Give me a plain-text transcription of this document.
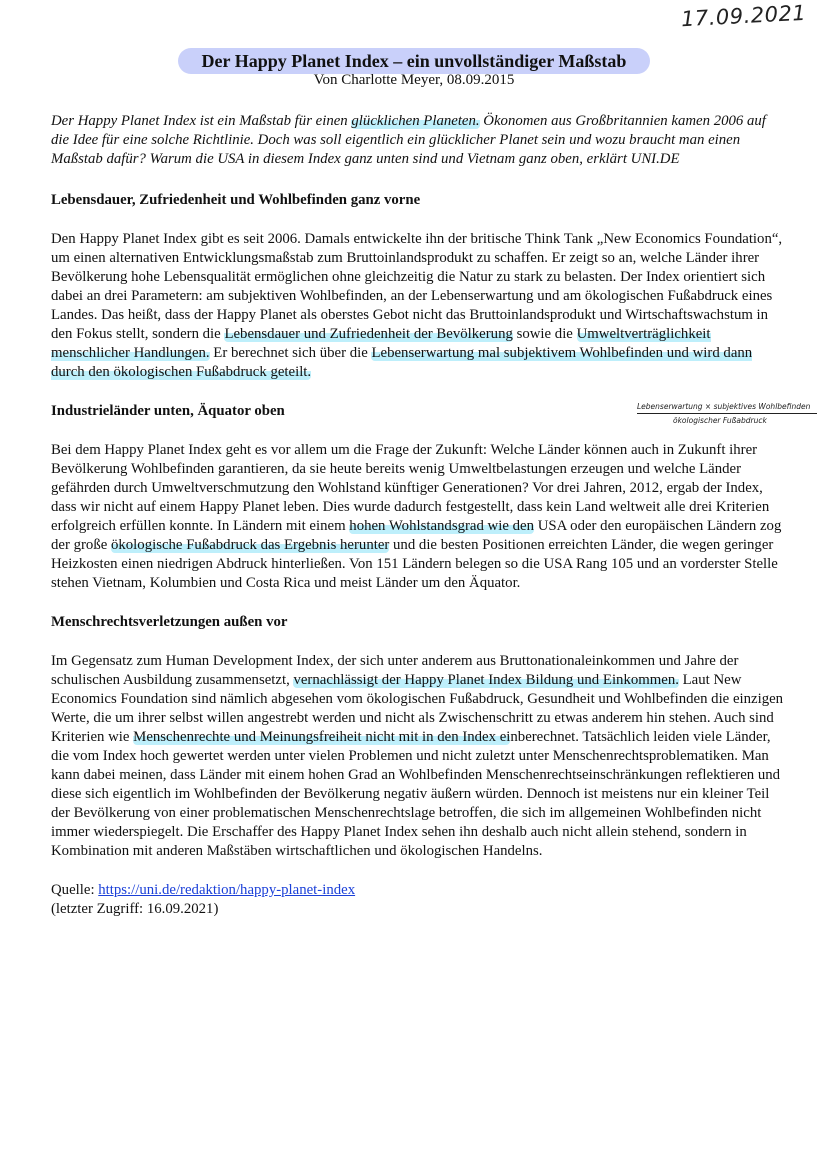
17.09.2021
Der Happy Planet Index – ein unvollständiger Maßstab
Von Charlotte Meyer, 08.09.2015

Der Happy Planet Index ist ein Maßstab für einen glücklichen Planeten. Ökonomen aus Großbritannien kamen 2006 auf die Idee für eine solche Richtlinie. Doch was soll eigentlich ein glücklicher Planet sein und wozu braucht man einen Maßstab dafür? Warum die USA in diesem Index ganz unten sind und Vietnam ganz oben, erklärt UNI.DE

Lebensdauer, Zufriedenheit und Wohlbefinden ganz vorne

Den Happy Planet Index gibt es seit 2006. Damals entwickelte ihn der britische Think Tank „New Economics Foundation“, um einen alternativen Entwicklungsmaßstab zum Bruttoinlandsprodukt zu schaffen. Er zeigt so an, welche Länder ihrer Bevölkerung hohe Lebensqualität ermöglichen ohne gleichzeitig die Natur zu stark zu belasten. Der Index orientiert sich dabei an drei Parametern: am subjektiven Wohlbefinden, an der Lebenserwartung und am ökologischen Fußabdruck eines Landes. Das heißt, dass der Happy Planet als oberstes Gebot nicht das Bruttoinlandsprodukt und Wirtschaftswachstum in den Fokus stellt, sondern die Lebensdauer und Zufriedenheit der Bevölkerung sowie die Umweltverträglichkeit menschlicher Handlungen. Er berechnet sich über die Lebenserwartung mal subjektivem Wohlbefinden und wird dann durch den ökologischen Fußabdruck geteilt.

Industrieländer unten, Äquator oben

Bei dem Happy Planet Index geht es vor allem um die Frage der Zukunft: Welche Länder können auch in Zukunft ihrer Bevölkerung Wohlbefinden garantieren, da sie heute bereits wenig Umweltbelastungen erzeugen und welche Länder gefährden durch Umweltverschmutzung den Wohlstand künftiger Generationen? Vor drei Jahren, 2012, ergab der Index, dass wir nicht auf einem Happy Planet leben. Dies wurde dadurch festgestellt, dass kein Land weltweit alle drei Kriterien erfolgreich erfüllen konnte. In Ländern mit einem hohen Wohlstandsgrad wie den USA oder den europäischen Ländern zog der große ökologische Fußabdruck das Ergebnis herunter und die besten Positionen erreichten Länder, die wegen geringer Heizkosten einen niedrigen Abdruck hinterließen. Von 151 Ländern belegen so die USA Rang 105 und an vorderster Stelle stehen Vietnam, Kolumbien und Costa Rica und meist Länder um den Äquator.

Menschrechtsverletzungen außen vor

Im Gegensatz zum Human Development Index, der sich unter anderem aus Bruttonationaleinkommen und Jahre der schulischen Ausbildung zusammensetzt, vernachlässigt der Happy Planet Index Bildung und Einkommen. Laut New Economics Foundation sind nämlich abgesehen vom ökologischen Fußabdruck, Gesundheit und Wohlbefinden die einzigen Werte, die um ihrer selbst willen angestrebt werden und nicht als Zwischenschritt zu etwas anderem hin stehen. Auch sind Kriterien wie Menschenrechte und Meinungsfreiheit nicht mit in den Index einberechnet. Tatsächlich leiden viele Länder, die vom Index hoch gewertet werden unter vielen Problemen und nicht zuletzt unter Menschenrechtsproblematiken. Man kann dabei meinen, dass Länder mit einem hohen Grad an Wohlbefinden Menschenrechtseinschränkungen reflektieren und diese sich eigentlich im Wohlbefinden der Bevölkerung negativ äußern würden. Dennoch ist meistens nur ein kleiner Teil der Bevölkerung von einer problematischen Menschenrechtslage betroffen, die sich im allgemeinen Wohlbefinden nicht immer wiederspiegelt. Die Erschaffer des Happy Planet Index sehen ihn deshalb auch nicht allein stehend, sondern in Kombination mit anderen Maßstäben wirtschaftlichen und ökologischen Handelns.

Quelle: https://uni.de/redaktion/happy-planet-index

(letzter Zugriff: 16.09.2021)

Lebenserwartung × subjektives Wohlbefinden
ökologischer Fußabdruck
